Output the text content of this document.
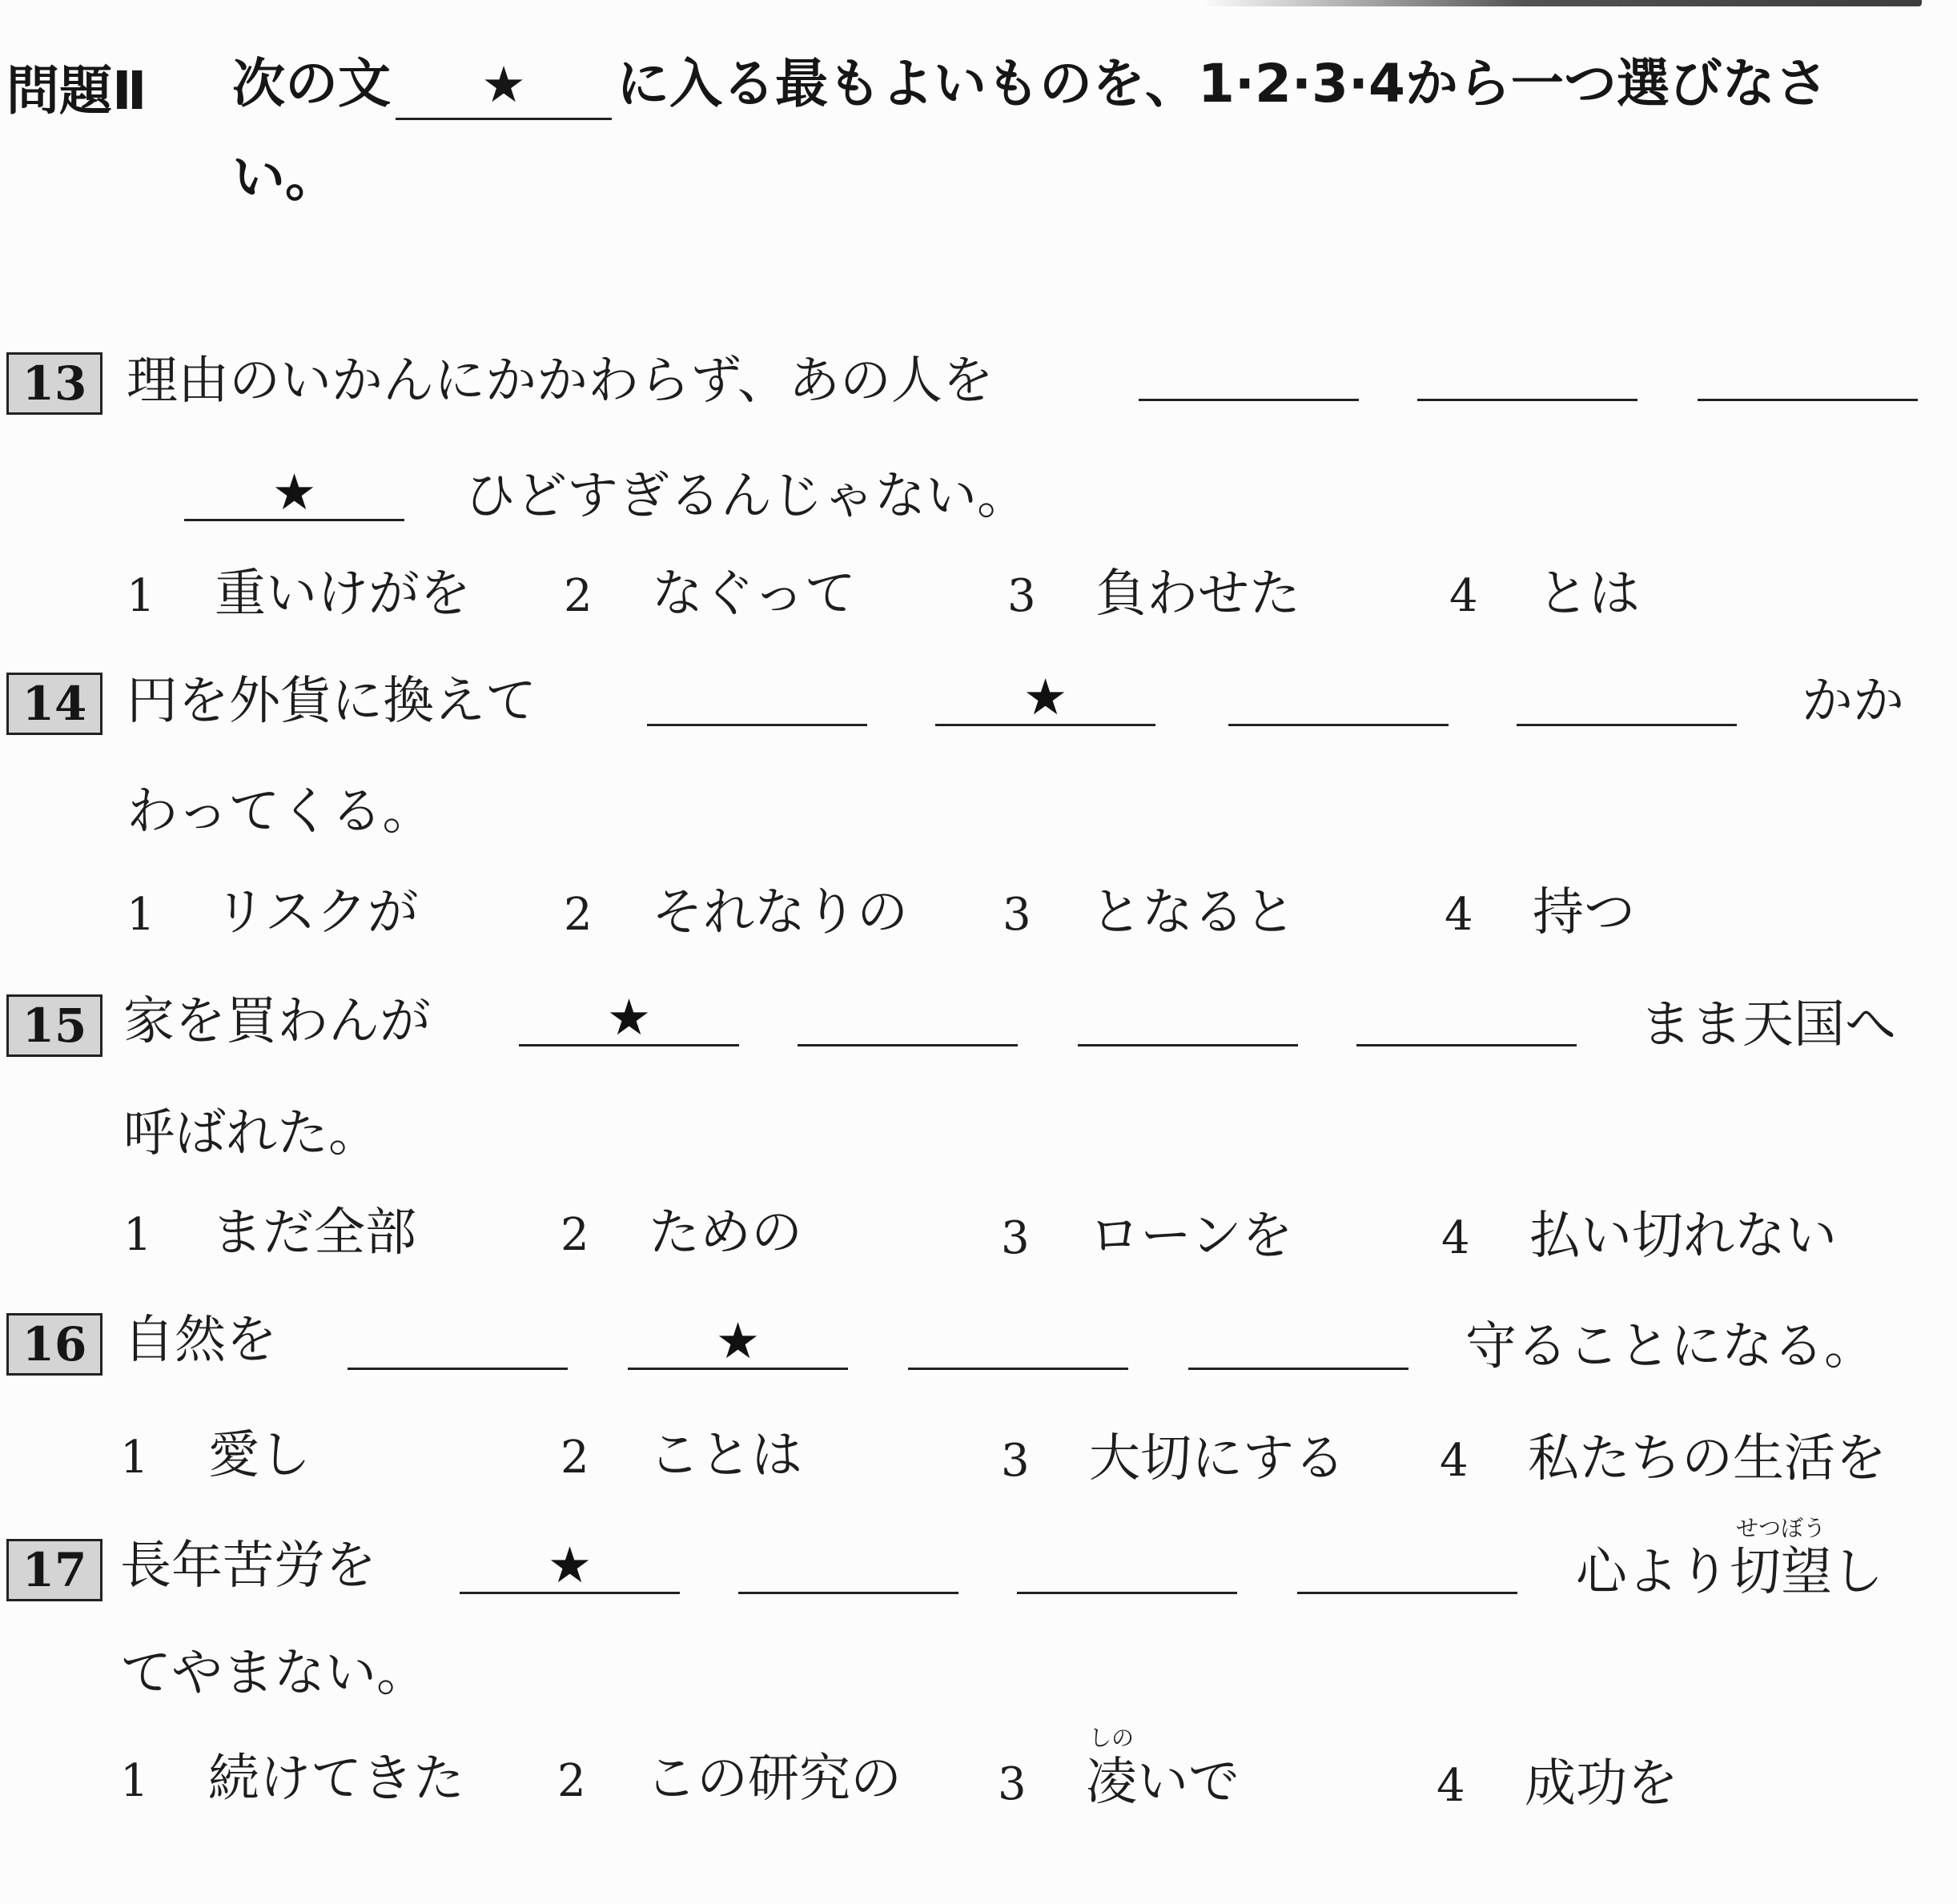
問題Ⅱ 次の文 ★ に入る最もよいものを、1·2·3·4から一つ選びなさ
い。
13 理由のいかんにかかわらず、あの人を
★	ひどすぎるんじゃない。
1 重いけがを 2 なぐって	3 負わせた	4 とは
14 円を外貨に換えて	★	かか
わってくる。
1 リスクが	2 それなりの 3 となると	4 持つ
15 家を買わんが	★	まま天国へ
呼ばれた。
1 まだ全部	2 ための	3 ローンを	4 払い切れない
16 自然を	★	守ることになる。
1 愛し	2 ことは	3 大切にする 4 私たちの生活を
17 長年苦労を	★	心より
せつぼう
切望し
てやまない。
1 続けてきた 2 この研究の 3
しの
凌いで	4 成功を
